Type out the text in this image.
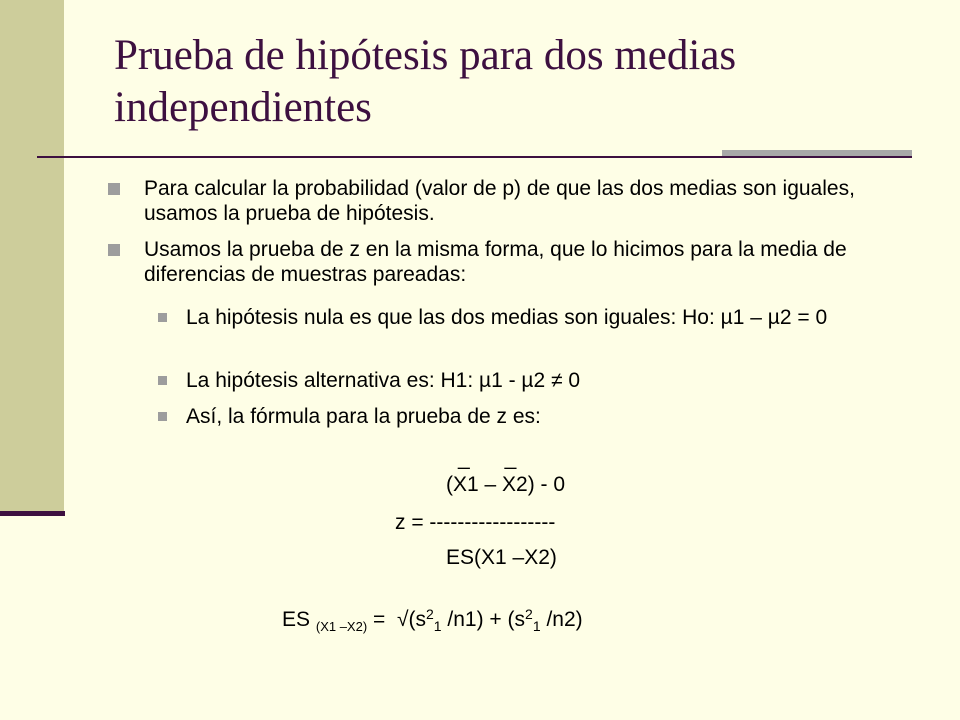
Prueba de hipótesis para dos medias independientes

Para calcular la probabilidad (valor de p) de que las dos medias son iguales, usamos la prueba de hipótesis.

Usamos la prueba de z en la misma forma, que lo hicimos para la media de diferencias de muestras pareadas:

La hipótesis nula es que las dos medias son iguales: Ho: µ1 – µ2 = 0

La hipótesis alternativa es: H1: µ1 - µ2 ≠ 0

Así, la fórmula para la prueba de z es:

_      _
(X1 – X2) - 0
z = ------------------
ES(X1 –X2)
ES $_{(X1 -X2)} = √(s^2_1$ $/n1) + (s^2_1$ /n2)
